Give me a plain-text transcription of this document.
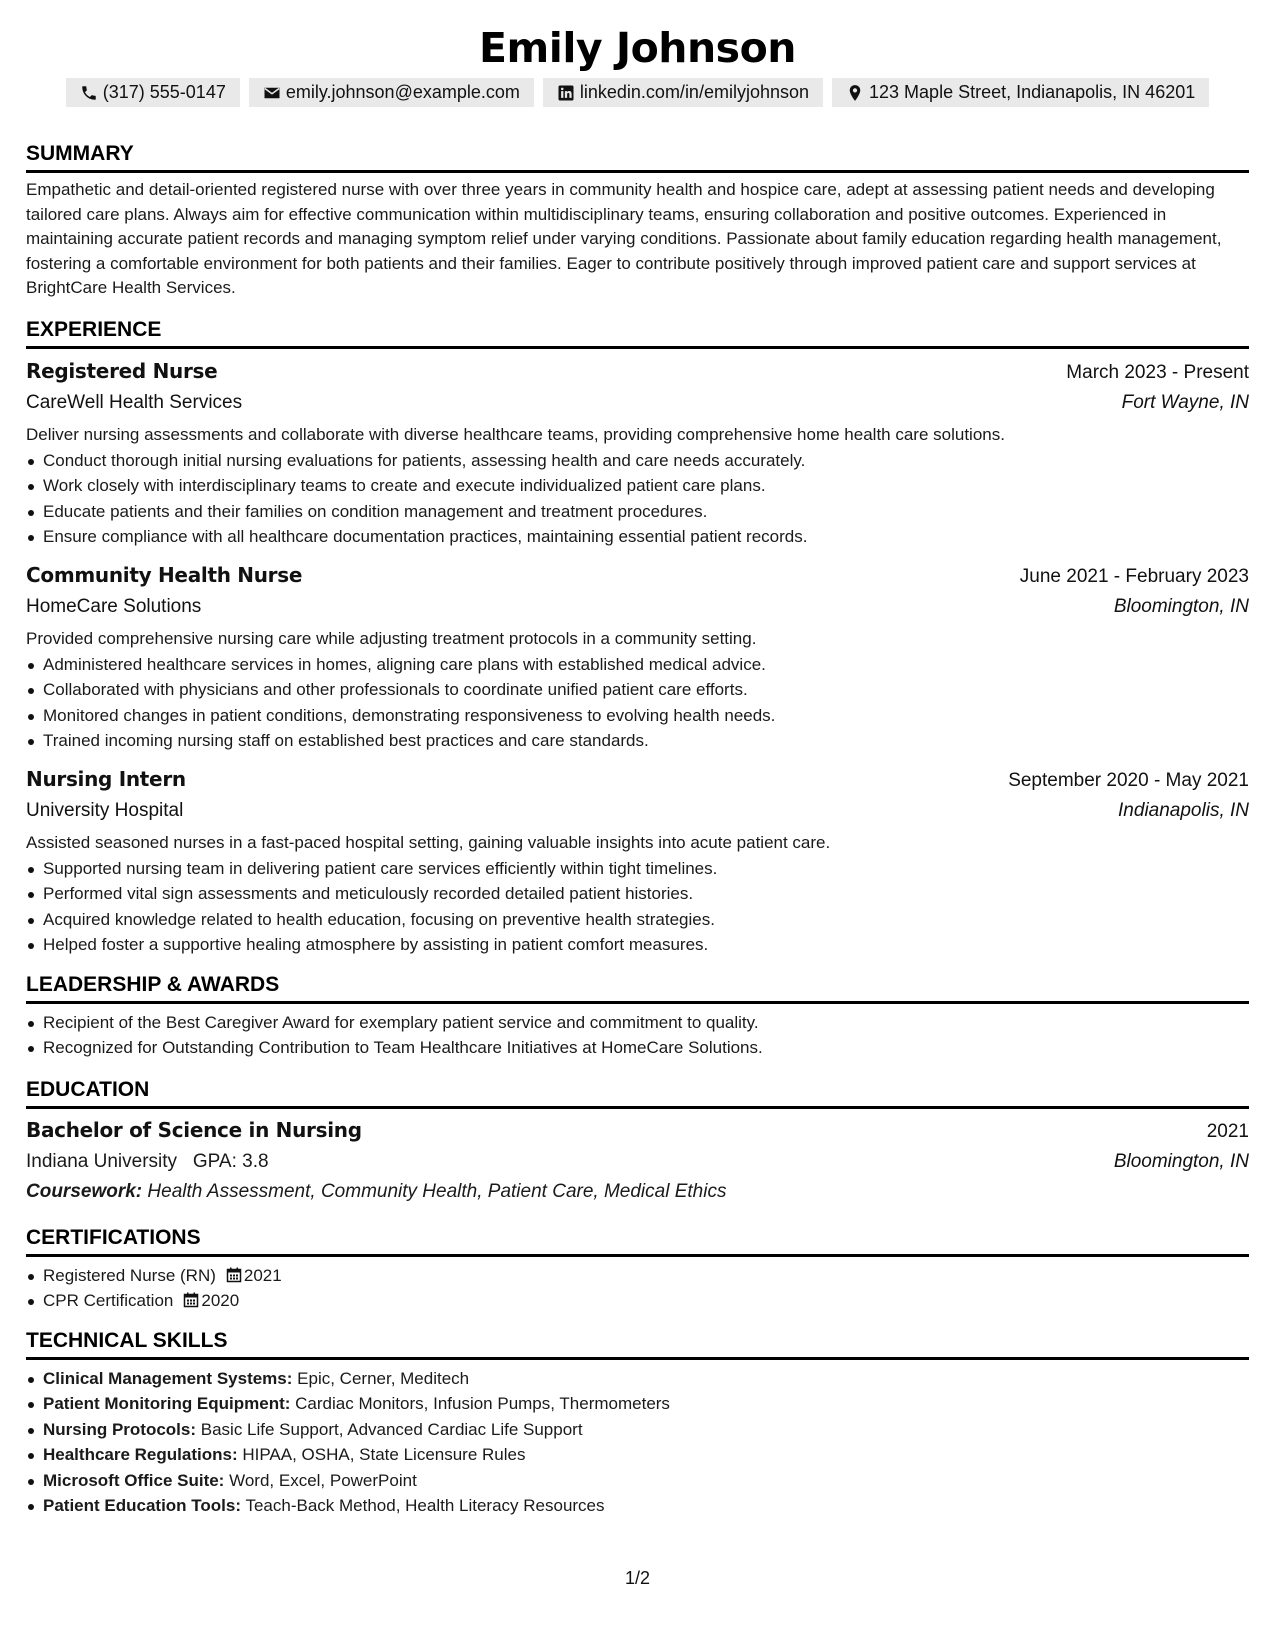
Emily Johnson
(317) 555-0147	emily.johnson@example.com	linkedin.com/in/emilyjohnson	123 Maple Street, Indianapolis, IN 46201
SUMMARY
Empathetic and detail-oriented registered nurse with over three years in community health and hospice care, adept at assessing patient needs and developing tailored care plans. Always aim for effective communication within multidisciplinary teams, ensuring collaboration and positive outcomes. Experienced in maintaining accurate patient records and managing symptom relief under varying conditions. Passionate about family education regarding health management, fostering a comfortable environment for both patients and their families. Eager to contribute positively through improved patient care and support services at BrightCare Health Services.
EXPERIENCE
Registered Nurse	March 2023 - Present
CareWell Health Services	Fort Wayne, IN
Deliver nursing assessments and collaborate with diverse healthcare teams, providing comprehensive home health care solutions.
Conduct thorough initial nursing evaluations for patients, assessing health and care needs accurately.
Work closely with interdisciplinary teams to create and execute individualized patient care plans.
Educate patients and their families on condition management and treatment procedures.
Ensure compliance with all healthcare documentation practices, maintaining essential patient records.
Community Health Nurse	June 2021 - February 2023
HomeCare Solutions	Bloomington, IN
Provided comprehensive nursing care while adjusting treatment protocols in a community setting.
Administered healthcare services in homes, aligning care plans with established medical advice.
Collaborated with physicians and other professionals to coordinate unified patient care efforts.
Monitored changes in patient conditions, demonstrating responsiveness to evolving health needs.
Trained incoming nursing staff on established best practices and care standards.
Nursing Intern	September 2020 - May 2021
University Hospital	Indianapolis, IN
Assisted seasoned nurses in a fast-paced hospital setting, gaining valuable insights into acute patient care.
Supported nursing team in delivering patient care services efficiently within tight timelines.
Performed vital sign assessments and meticulously recorded detailed patient histories.
Acquired knowledge related to health education, focusing on preventive health strategies.
Helped foster a supportive healing atmosphere by assisting in patient comfort measures.
LEADERSHIP & AWARDS
Recipient of the Best Caregiver Award for exemplary patient service and commitment to quality.
Recognized for Outstanding Contribution to Team Healthcare Initiatives at HomeCare Solutions.
EDUCATION
Bachelor of Science in Nursing	2021
Indiana University GPA: 3.8	Bloomington, IN
Coursework: Health Assessment, Community Health, Patient Care, Medical Ethics
CERTIFICATIONS
Registered Nurse (RN) 2021
CPR Certification 2020
TECHNICAL SKILLS
Clinical Management Systems: Epic, Cerner, Meditech
Patient Monitoring Equipment: Cardiac Monitors, Infusion Pumps, Thermometers
Nursing Protocols: Basic Life Support, Advanced Cardiac Life Support
Healthcare Regulations: HIPAA, OSHA, State Licensure Rules
Microsoft Office Suite: Word, Excel, PowerPoint
Patient Education Tools: Teach-Back Method, Health Literacy Resources
1/2
